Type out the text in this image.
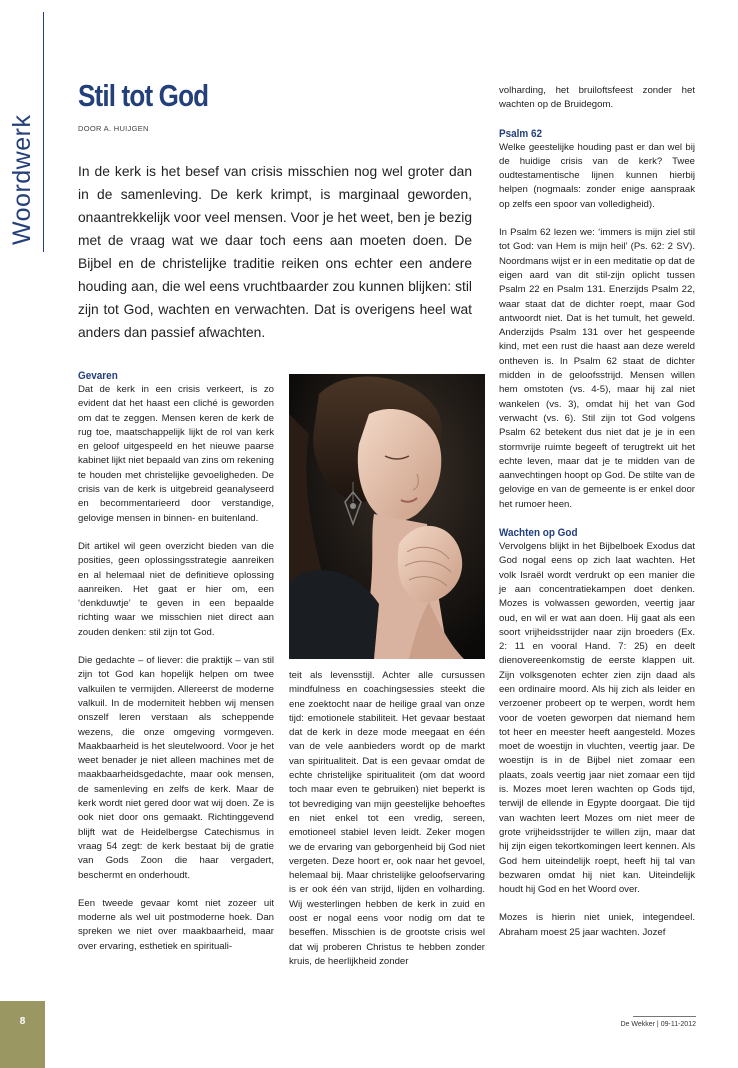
Woordwerk
Stil tot God
DOOR A. HUIJGEN

In de kerk is het besef van crisis misschien nog wel groter dan in de samenleving. De kerk krimpt, is marginaal geworden, onaantrekkelijk voor veel mensen. Voor je het weet, ben je bezig met de vraag wat we daar toch eens aan moeten doen. De Bijbel en de christelijke traditie reiken ons echter een andere houding aan, die wel eens vruchtbaarder zou kunnen blijken: stil zijn tot God, wachten en verwachten. Dat is overigens heel wat anders dan passief afwachten.

Gevaren

Dat de kerk in een crisis verkeert, is zo evident dat het haast een cliché is geworden om dat te zeggen. Mensen keren de kerk de rug toe, maatschappelijk lijkt de rol van kerk en geloof uitgespeeld en het nieuwe paarse kabinet lijkt niet bepaald van zins om rekening te houden met christelijke gevoeligheden. De crisis van de kerk is uitgebreid geanalyseerd en becommentarieerd door verstandige, gelovige mensen in binnen- en buitenland.

Dit artikel wil geen overzicht bieden van die posities, geen oplossingsstrategie aanreiken en al helemaal niet de definitieve oplossing aanreiken. Het gaat er hier om, een ‘denkduwtje’ te geven in een bepaalde richting waar we misschien niet direct aan zouden denken: stil zijn tot God.

Die gedachte – of liever: die praktijk – van stil zijn tot God kan hopelijk helpen om twee valkuilen te vermijden. Allereerst de moderne valkuil. In de moderniteit hebben wij mensen onszelf leren verstaan als scheppende wezens, die onze omgeving vormgeven. Maakbaarheid is het sleutelwoord. Voor je het weet benader je niet alleen machines met de maakbaarheidsgedachte, maar ook mensen, de samenleving en zelfs de kerk. Maar de kerk wordt niet gered door wat wij doen. Ze is ook niet door ons gemaakt. Richtinggevend blijft wat de Heidelbergse Catechismus in vraag 54 zegt: de kerk bestaat bij de gratie van Gods Zoon die haar vergadert, beschermt en onderhoudt.

Een tweede gevaar komt niet zozeer uit moderne als wel uit postmoderne hoek. Dan spreken we niet over maakbaarheid, maar over ervaring, esthetiek en spirituali-

teit als levensstijl. Achter alle cursussen mindfulness en coachingsessies steekt die ene zoektocht naar de heilige graal van onze tijd: emotionele stabiliteit. Het gevaar bestaat dat de kerk in deze mode meegaat en één van de vele aanbieders wordt op de markt van spiritualiteit. Dat is een gevaar omdat de echte christelijke spiritualiteit (om dat woord toch maar even te gebruiken) niet beperkt is tot bevrediging van mijn geestelijke behoeftes en niet enkel tot een vredig, sereen, emotioneel stabiel leven leidt. Zeker mogen we de ervaring van geborgenheid bij God niet vergeten. Deze hoort er, ook naar het gevoel, helemaal bij. Maar christelijke geloofservaring is er ook één van strijd, lijden en volharding. Wij westerlingen hebben de kerk in zuid en oost er nogal eens voor nodig om dat te beseffen. Misschien is de grootste crisis wel dat wij proberen Christus te hebben zonder kruis, de heerlijkheid zonder

volharding, het bruiloftsfeest zonder het wachten op de Bruidegom.

Psalm 62

Welke geestelijke houding past er dan wel bij de huidige crisis van de kerk? Twee oudtestamentische lijnen kunnen hierbij helpen (nogmaals: zonder enige aanspraak op zelfs een spoor van volledigheid).

In Psalm 62 lezen we: ‘immers is mijn ziel stil tot God: van Hem is mijn heil’ (Ps. 62: 2 SV). Noordmans wijst er in een meditatie op dat de eigen aard van dit stil-zijn oplicht tussen Psalm 22 en Psalm 131. Enerzijds Psalm 22, waar staat dat de dichter roept, maar God antwoordt niet. Dat is het tumult, het geweld. Anderzijds Psalm 131 over het gespeende kind, met een rust die haast aan deze wereld ontheven is. In Psalm 62 staat de dichter midden in de geloofsstrijd. Mensen willen hem omstoten (vs. 4-5), maar hij zal niet wankelen (vs. 3), omdat hij het van God verwacht (vs. 6). Stil zijn tot God volgens Psalm 62 betekent dus niet dat je je in een stormvrije ruimte begeeft of terugtrekt uit het echte leven, maar dat je te midden van de aanvechtingen hoopt op God. De stilte van de gelovige en van de gemeente is er enkel door het rumoer heen.

Wachten op God

Vervolgens blijkt in het Bijbelboek Exodus dat God nogal eens op zich laat wachten. Het volk Israël wordt verdrukt op een manier die je aan concentratiekampen doet denken. Mozes is volwassen geworden, veertig jaar oud, en wil er wat aan doen. Hij gaat als een soort vrijheidsstrijder naar zijn broeders (Ex. 2: 11 en vooral Hand. 7: 25) en deelt dienovereenkomstig de eerste klappen uit. Zijn volksgenoten echter zien zijn daad als een ordinaire moord. Als hij zich als leider en verzoener probeert op te werpen, wordt hem voor de voeten geworpen dat niemand hem tot heer en meester heeft aangesteld. Mozes moet de woestijn in vluchten, veertig jaar. De woestijn is in de Bijbel niet zomaar een plaats, zoals veertig jaar niet zomaar een tijd is. Mozes moet leren wachten op Gods tijd, terwijl de ellende in Egypte doorgaat. Die tijd van wachten leert Mozes om niet meer de grote vrijheidsstrijder te willen zijn, maar dat hij zijn eigen tekortkomingen leert kennen. Als God hem uiteindelijk roept, heeft hij tal van bezwaren omdat hij niet kan. Uiteindelijk houdt hij God en het Woord over.

Mozes is hierin niet uniek, integendeel. Abraham moest 25 jaar wachten. Jozef

8	De Wekker | 09-11-2012
